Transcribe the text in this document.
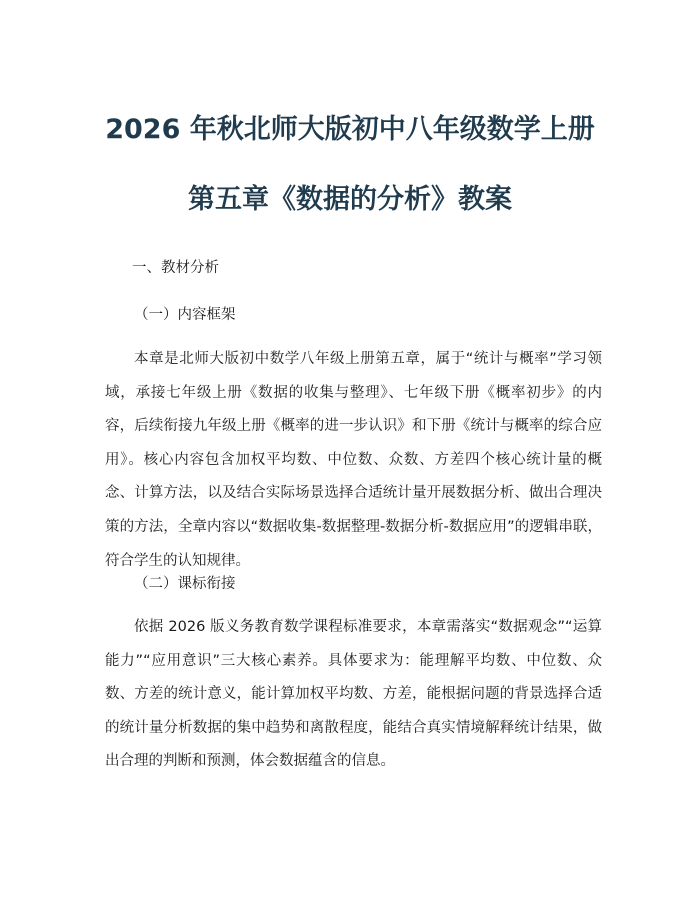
2026 年秋北师大版初中八年级数学上册
第五章《数据的分析》教案
一、教材分析
（一）内容框架
本章是北师大版初中数学八年级上册第五章，属于“统计与概率”学习领域，承接七年级上册《数据的收集与整理》、七年级下册《概率初步》的内容，后续衔接九年级上册《概率的进一步认识》和下册《统计与概率的综合应用》。核心内容包含加权平均数、中位数、众数、方差四个核心统计量的概念、计算方法，以及结合实际场景选择合适统计量开展数据分析、做出合理决策的方法，全章内容以“数据收集-数据整理-数据分析-数据应用”的逻辑串联，符合学生的认知规律。
（二）课标衔接
依据 2026 版义务教育数学课程标准要求，本章需落实“数据观念”“运算能力”“应用意识”三大核心素养。具体要求为：能理解平均数、中位数、众数、方差的统计意义，能计算加权平均数、方差，能根据问题的背景选择合适的统计量分析数据的集中趋势和离散程度，能结合真实情境解释统计结果，做出合理的判断和预测，体会数据蕴含的信息。
